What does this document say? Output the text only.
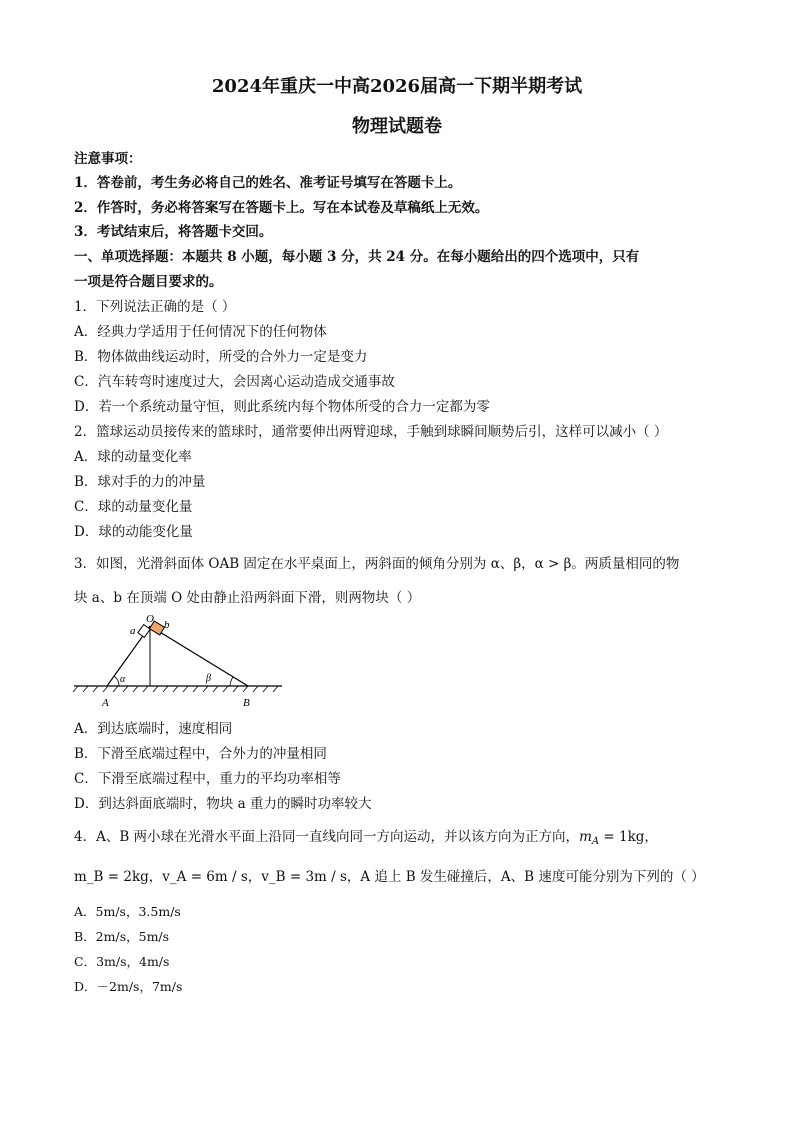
2024年重庆一中高2026届高一下期半期考试
物理试题卷
注意事项：
1．答卷前，考生务必将自己的姓名、准考证号填写在答题卡上。
2．作答时，务必将答案写在答题卡上。写在本试卷及草稿纸上无效。
3．考试结束后，将答题卡交回。
一、单项选择题：本题共 8 小题，每小题 3 分，共 24 分。在每小题给出的四个选项中，只有
一项是符合题目要求的。
1．下列说法正确的是（ ）
A．经典力学适用于任何情况下的任何物体
B．物体做曲线运动时，所受的合外力一定是变力
C．汽车转弯时速度过大，会因离心运动造成交通事故
D．若一个系统动量守恒，则此系统内每个物体所受的合力一定都为零
2．篮球运动员接传来的篮球时，通常要伸出两臂迎球，手触到球瞬间顺势后引，这样可以减小（ ）
A．球的动量变化率
B．球对手的力的冲量
C．球的动量变化量
D．球的动能变化量
3．如图，光滑斜面体 OAB 固定在水平桌面上，两斜面的倾角分别为 α、β，α > β。两质量相同的物
块 a、b 在顶端 O 处由静止沿两斜面下滑，则两物块（ ）
O
a	b
α	β
A	B
A．到达底端时，速度相同
B．下滑至底端过程中，合外力的冲量相同
C．下滑至底端过程中，重力的平均功率相等
D．到达斜面底端时，物块 a 重力的瞬时功率较大
4．A、B 两小球在光滑水平面上沿同一直线向同一方向运动，并以该方向为正方向，$m_A = 1kg$，
m_B = 2kg，v_A = 6m / s，v_B = 3m / s，A 追上 B 发生碰撞后，A、B 速度可能分别为下列的（ ）
A．5m/s，3.5m/s
B．2m/s，5m/s
C．3m/s，4m/s
D．－2m/s，7m/s
